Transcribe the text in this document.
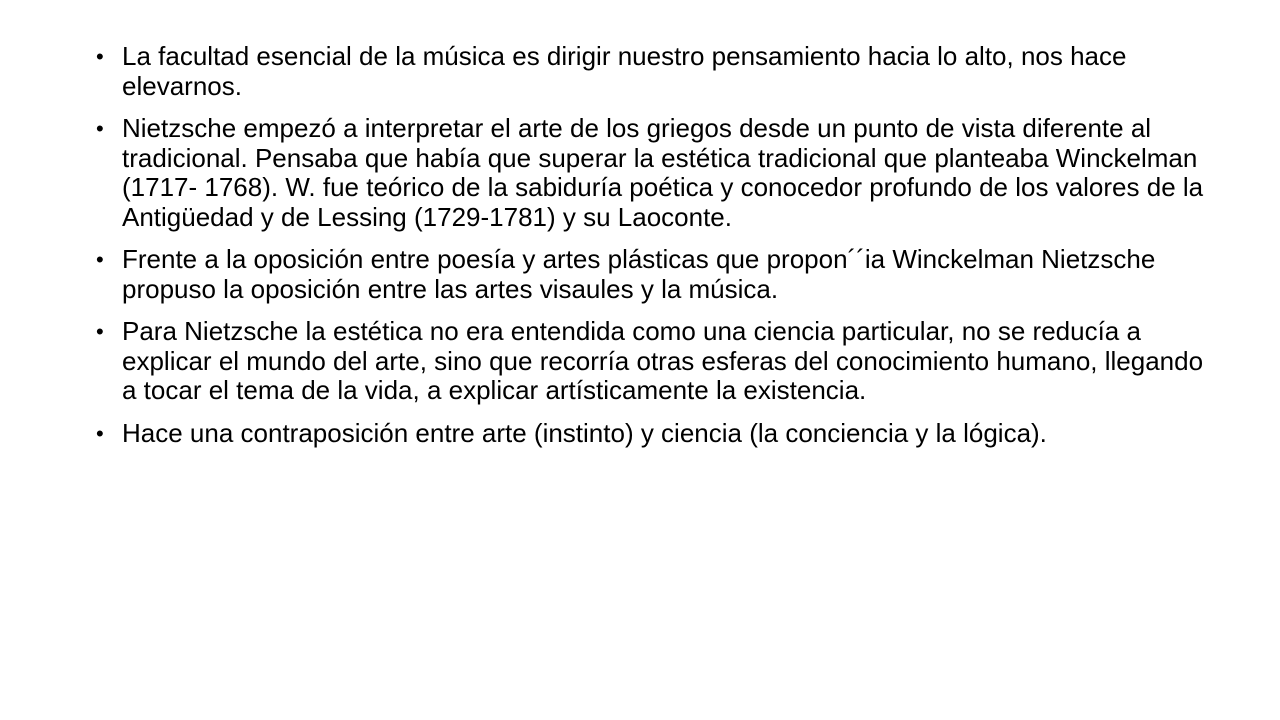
• La facultad esencial de la música es dirigir nuestro pensamiento hacia lo alto, nos hace elevarnos.
• Nietzsche empezó a interpretar el arte de los griegos desde un punto de vista diferente al tradicional. Pensaba que había que superar la estética tradicional que planteaba Winckelman (1717- 1768). W. fue teórico de la sabiduría poética y conocedor profundo de los valores de la Antigüedad y de Lessing (1729-1781) y su Laoconte.
• Frente a la oposición entre poesía y artes plásticas que propon´´ia Winckelman Nietzsche propuso la oposición entre las artes visaules y la música.
• Para Nietzsche la estética no era entendida como una ciencia particular, no se reducía a explicar el mundo del arte, sino que recorría otras esferas del conocimiento humano, llegando a tocar el tema de la vida, a explicar artísticamente la existencia.
• Hace una contraposición entre arte (instinto) y ciencia (la conciencia y la lógica).
